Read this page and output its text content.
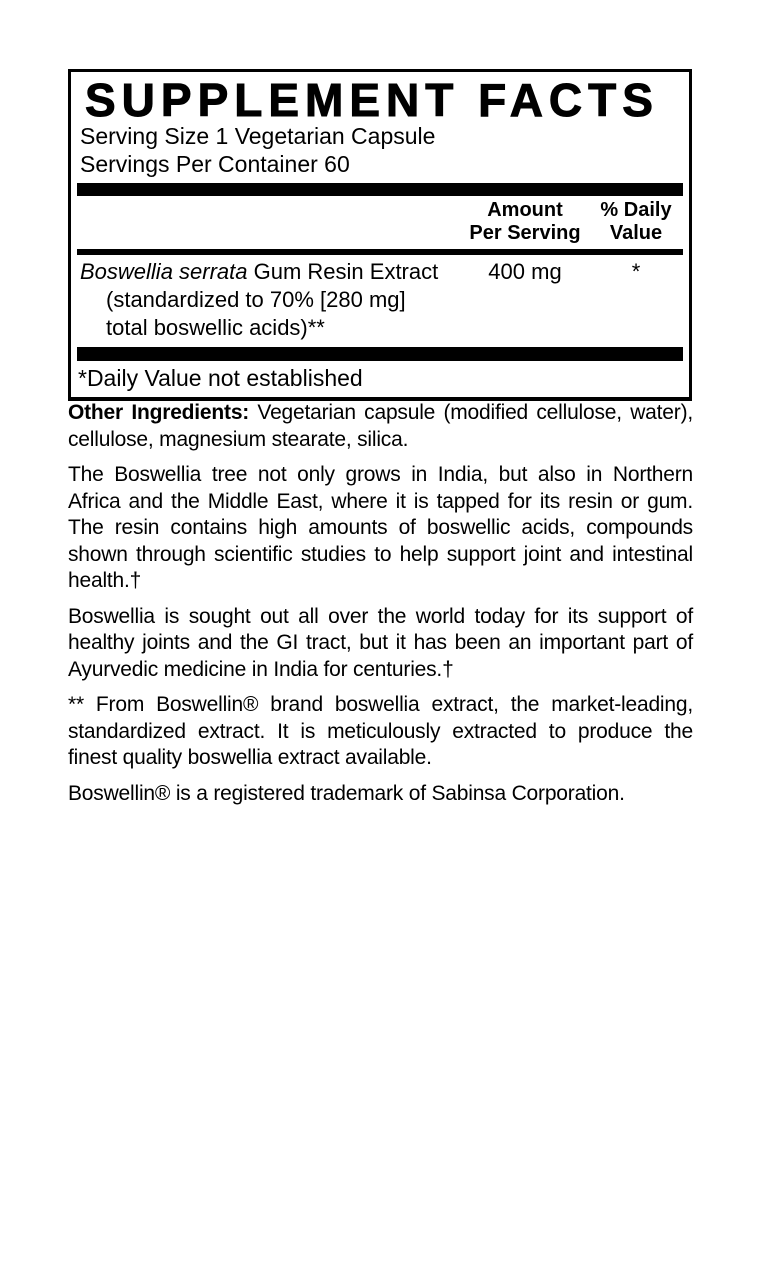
SUPPLEMENT FACTS
Serving Size 1 Vegetarian Capsule
Servings Per Container 60
Amount
Per Serving
% Daily
Value
Boswellia serrata Gum Resin Extract
(standardized to 70% [280 mg]
total boswellic acids)**
400 mg	*
*Daily Value not established

Other Ingredients: Vegetarian capsule (modified cellulose, water), cellulose, magnesium stearate, silica.

The Boswellia tree not only grows in India, but also in Northern Africa and the Middle East, where it is tapped for its resin or gum. The resin contains high amounts of boswellic acids, compounds shown through scientific studies to help support joint and intestinal health.†

Boswellia is sought out all over the world today for its support of healthy joints and the GI tract, but it has been an important part of Ayurvedic medicine in India for centuries.†

** From Boswellin® brand boswellia extract, the market-leading, standardized extract. It is meticulously extracted to produce the finest quality boswellia extract available.

Boswellin® is a registered trademark of Sabinsa Corporation.
